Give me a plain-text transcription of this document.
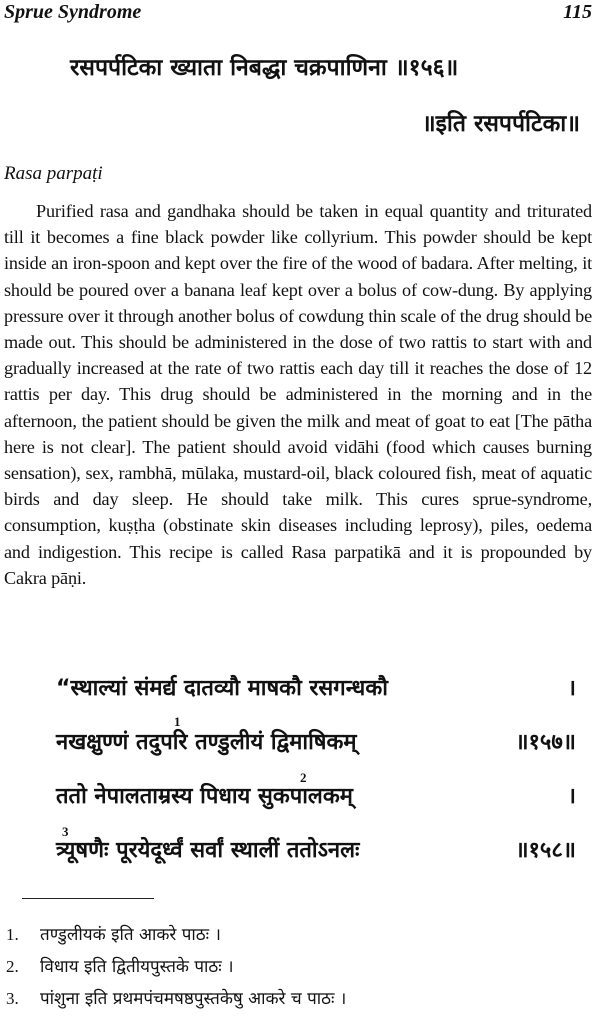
Sprue Syndrome	115
रसपर्पटिका ख्याता निबद्धा चक्रपाणिना ॥१५६॥
॥इति रसपर्पटिका॥
Rasa parpaṭi

Purified rasa and gandhaka should be taken in equal quantity and triturated till it becomes a fine black powder like collyrium. This powder should be kept inside an iron-spoon and kept over the fire of the wood of badara. After melting, it should be poured over a banana leaf kept over a bolus of cow-dung. By applying pressure over it through another bolus of cowdung thin scale of the drug should be made out. This should be administered in the dose of two rattis to start with and gradually increased at the rate of two rattis each day till it reaches the dose of 12 rattis per day. This drug should be administered in the morning and in the afternoon, the patient should be given the milk and meat of goat to eat [The pātha here is not clear]. The patient should avoid vidāhi (food which causes burning sensation), sex, rambhā, mūlaka, mustard-oil, black coloured fish, meat of aquatic birds and day sleep. He should take milk. This cures sprue-syndrome, consumption, kuṣṭha (obstinate skin diseases including leprosy), piles, oedema and indigestion. This recipe is called Rasa parpatikā and it is propounded by Cakra pāṇi.

“स्थाल्यां संमर्द्य दातव्यौ माषकौ रसगन्धकौ	।
1
नखक्षुण्णं तदुपरि तण्डुलीयं द्विमाषिकम्	॥१५७॥
2
ततो नेपालताम्रस्य पिधाय सुकपालकम्	।
3
त्र्यूषणैः पूरयेदूर्ध्वं सर्वां स्थालीं ततोऽनलः	॥१५८॥
1. तण्डुलीयकं इति आकरे पाठः ।
2. विधाय इति द्वितीयपुस्तके पाठः ।
3. पांशुना इति प्रथमपंचमषष्ठपुस्तकेषु आकरे च पाठः ।
